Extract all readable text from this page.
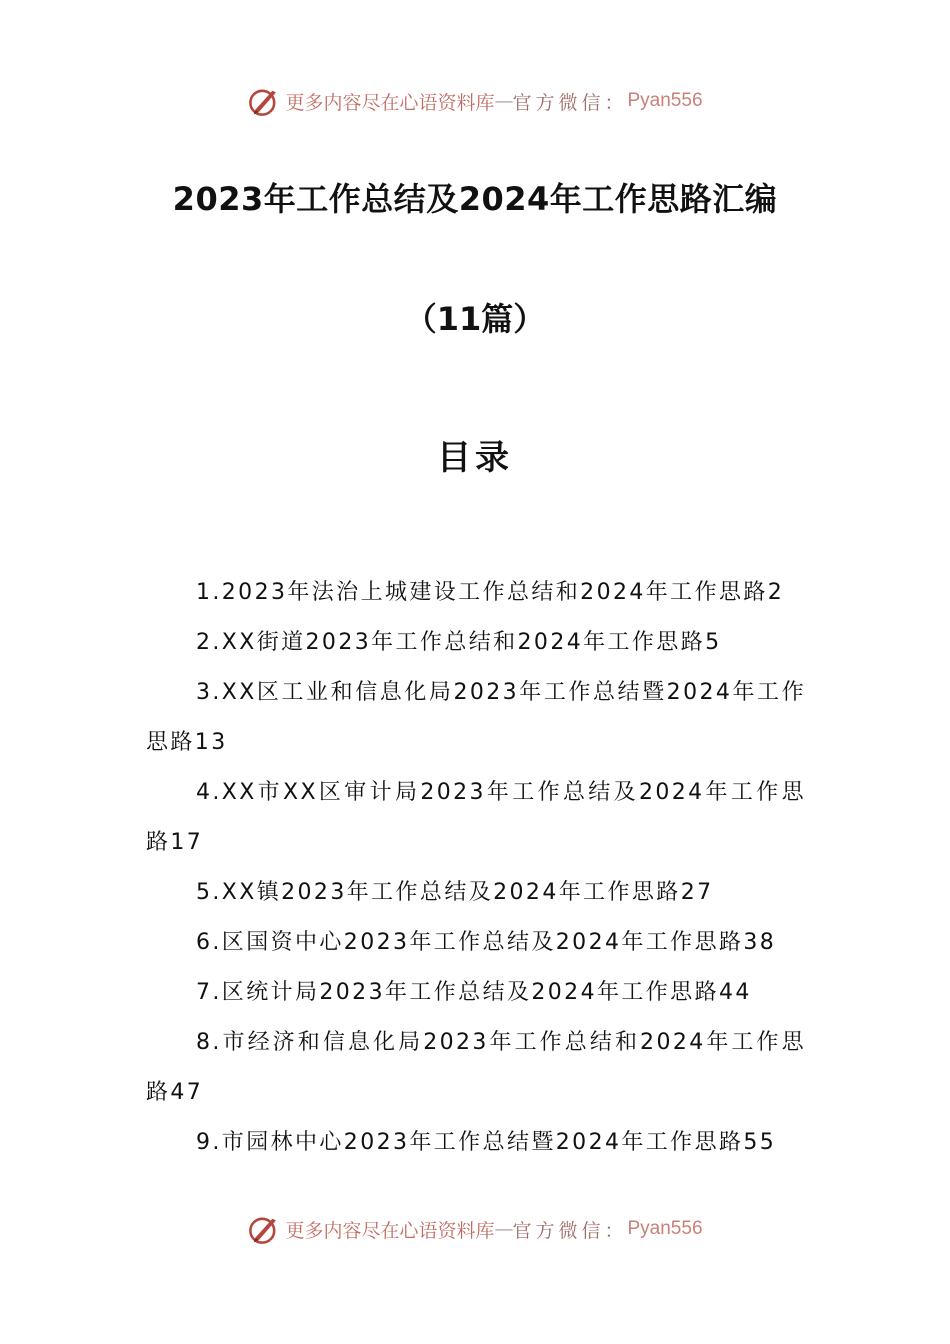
更多内容尽在心语资料库 — 官方微信： Pyan556
2023年工作总结及2024年工作思路汇编
（11篇）
目录

1.2023年法治上城建设工作总结和2024年工作思路2

2.XX街道2023年工作总结和2024年工作思路5

3.XX区工业和信息化局2023年工作总结暨2024年工作思路13

4.XX市XX区审计局2023年工作总结及2024年工作思路17

5.XX镇2023年工作总结及2024年工作思路27

6.区国资中心2023年工作总结及2024年工作思路38

7.区统计局2023年工作总结及2024年工作思路44

8.市经济和信息化局2023年工作总结和2024年工作思路47

9.市园林中心2023年工作总结暨2024年工作思路55

更多内容尽在心语资料库 — 官方微信： Pyan556
